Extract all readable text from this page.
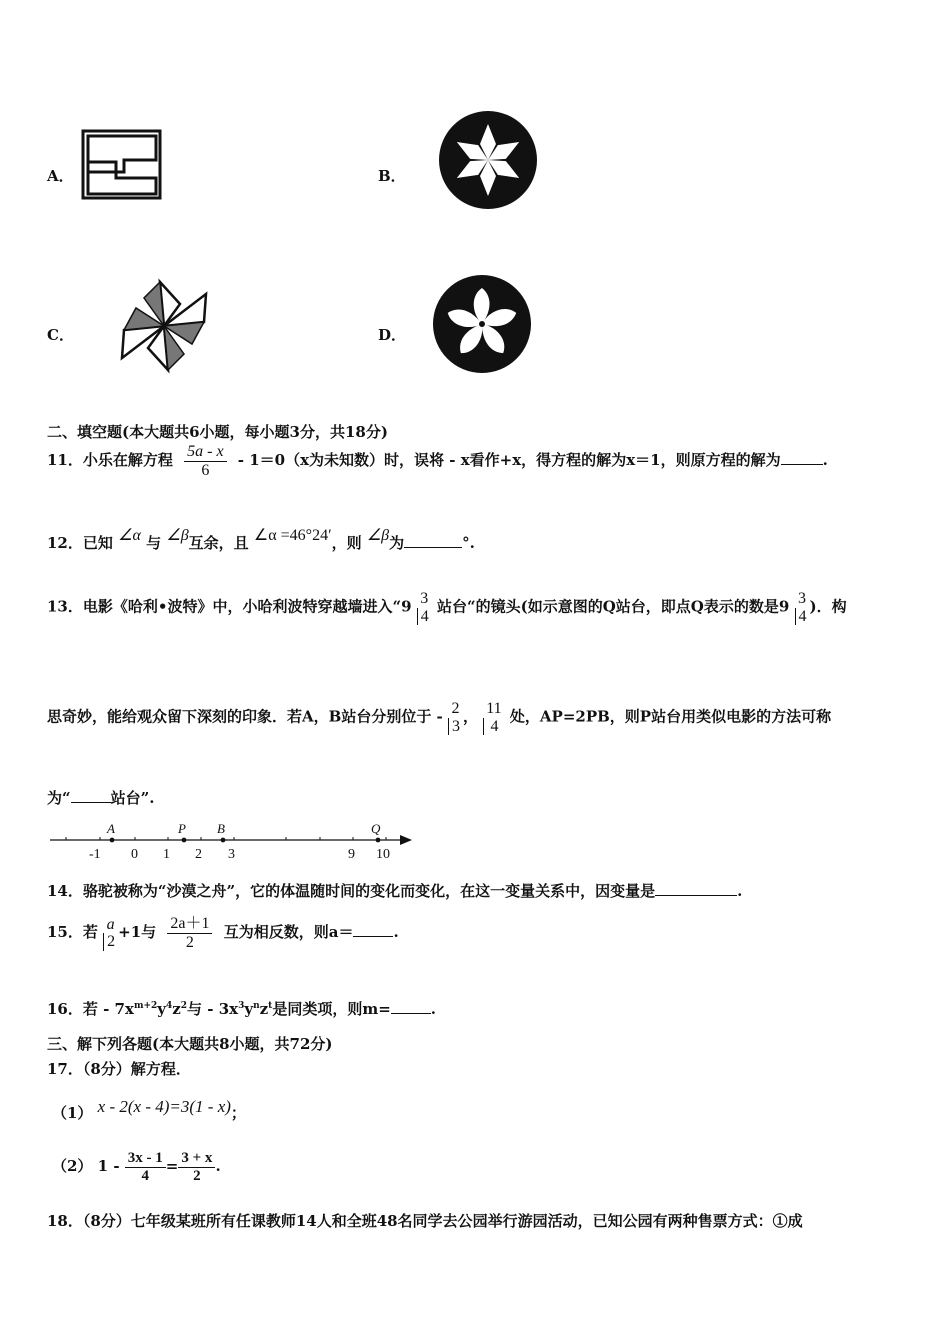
A．	B．
C．	D．
二、填空题(本大题共6小题，每小题3分，共18分)
11．小乐在解方程 $\frac{5a - x}{6} - 1=0(x$为未知数）时，误将 - x看作+x，得方程的解为x＝1，则原方程的解为	.
12．已知 ∠α 与 ∠β互余，且 ∠α =46°24′，则 ∠β为	°.
13．电影《哈利•波特》中，小哈利波特穿越墙进入“9 3
4
站台“的镜头(如示意图的Q站台，即点Q表示的数是9 3
4
)．构
思奇妙，能给观众留下深刻的印象．若A，B站台分别位于 - 2
3
， 11
4
处，AP=2PB，则P站台用类似电影的方法可称
为“	站台”.
A	P B	Q
-1 0 1 2 3	9 10
14．骆驼被称为“沙漠之舟”，它的体温随时间的变化而变化，在这一变量关系中，因变量是	.
15．若 a
2
+1与 $\frac{2a+1}{2}$ 互为相反数，则a＝	.
16．若 - $7x^{m+2}y^4z^2$与 - $3x^3y^nz^t$是同类项，则m=	.
三、解下列各题(本大题共8小题，共72分)
17．（8分）解方程．
（1） x - 2(x - 4)=3(1 - x)；
（2） $1 - \frac{3x - 1}{4} = \frac{3 + x}{2}$ .
18．（8分）七年级某班所有任课教师14人和全班48名同学去公园举行游园活动，已知公园有两种售票方式：①成
